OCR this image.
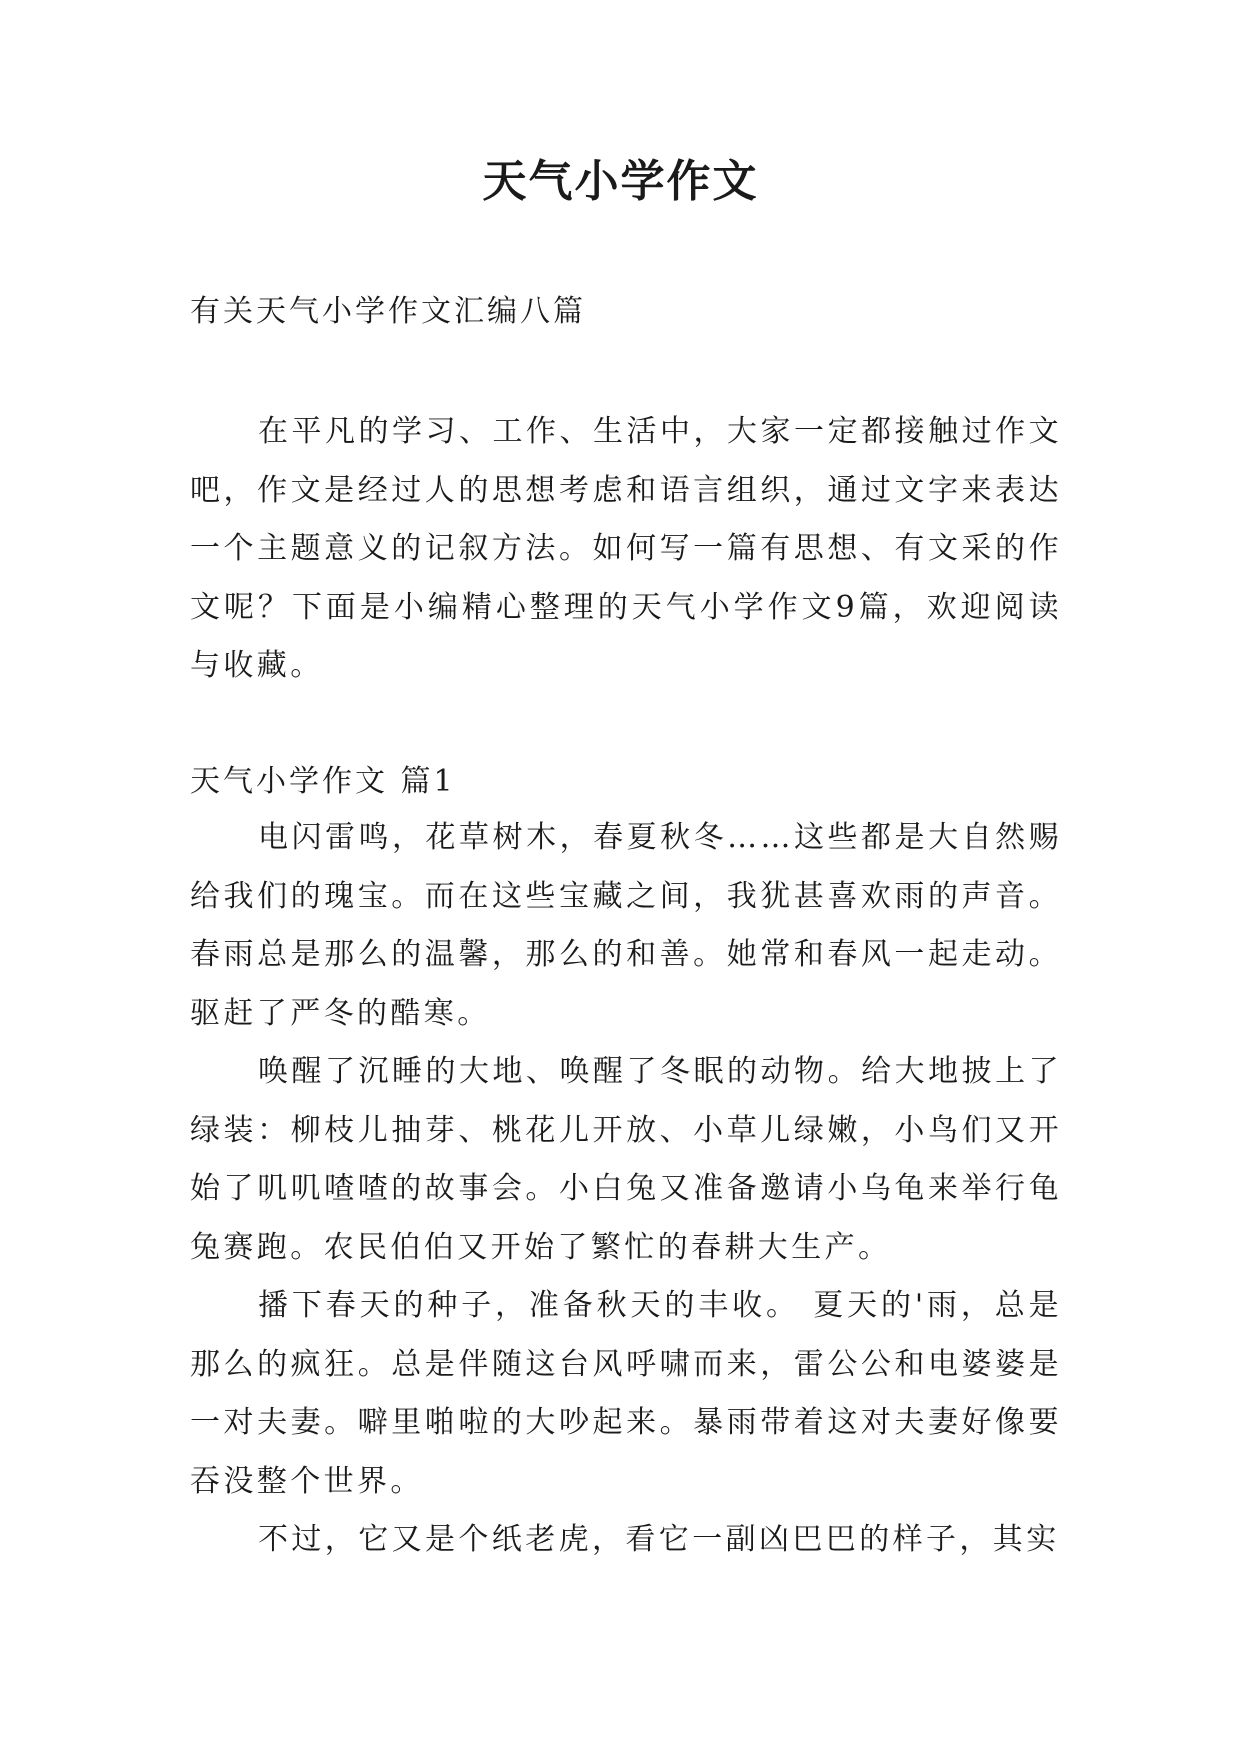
天气小学作文

有关天气小学作文汇编八篇

在平凡的学习、工作、生活中，大家一定都接触过作文吧，作文是经过人的思想考虑和语言组织，通过文字来表达一个主题意义的记叙方法。如何写一篇有思想、有文采的作文呢？下面是小编精心整理的天气小学作文9篇，欢迎阅读与收藏。

天气小学作文 篇1

电闪雷鸣，花草树木，春夏秋冬……这些都是大自然赐给我们的瑰宝。而在这些宝藏之间，我犹甚喜欢雨的声音。春雨总是那么的温馨，那么的和善。她常和春风一起走动。驱赶了严冬的酷寒。

唤醒了沉睡的大地、唤醒了冬眠的动物。给大地披上了绿装：柳枝儿抽芽、桃花儿开放、小草儿绿嫩，小鸟们又开始了叽叽喳喳的故事会。小白兔又准备邀请小乌龟来举行龟兔赛跑。农民伯伯又开始了繁忙的春耕大生产。

播下春天的种子，准备秋天的丰收。 夏天的'雨，总是那么的疯狂。总是伴随这台风呼啸而来，雷公公和电婆婆是一对夫妻。噼里啪啦的大吵起来。暴雨带着这对夫妻好像要吞没整个世界。

不过，它又是个纸老虎，看它一副凶巴巴的样子，其实
